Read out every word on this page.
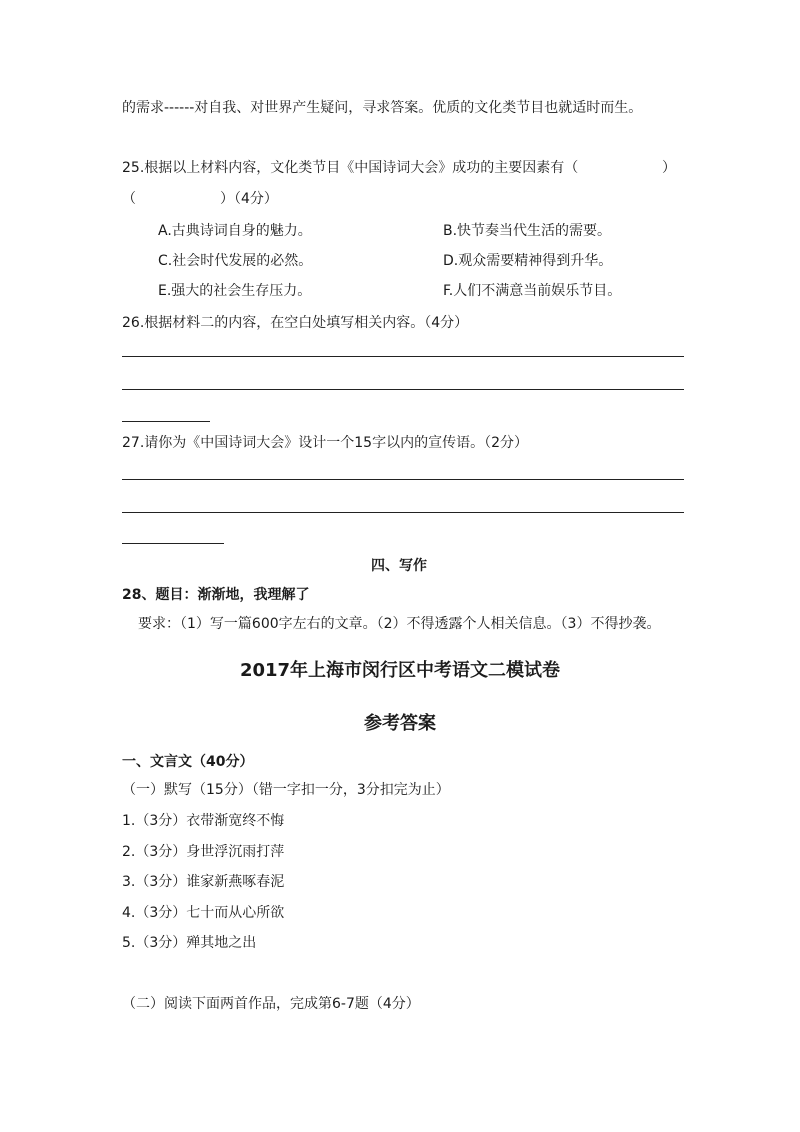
的需求------对自我、对世界产生疑问，寻求答案。优质的文化类节目也就适时而生。
25.根据以上材料内容，文化类节目《中国诗词大会》成功的主要因素有（	）
（　　　　　　）（4分）
A.古典诗词自身的魅力。	B.快节奏当代生活的需要。
C.社会时代发展的必然。	D.观众需要精神得到升华。
E.强大的社会生存压力。	F.人们不满意当前娱乐节目。
26.根据材料二的内容，在空白处填写相关内容。（4分）
27.请你为《中国诗词大会》设计一个15字以内的宣传语。（2分）
四、写作
28、题目：渐渐地，我理解了
要求：（1）写一篇600字左右的文章。（2）不得透露个人相关信息。（3）不得抄袭。
2017年上海市闵行区中考语文二模试卷
参考答案
一、文言文（40分）
（一）默写（15分）（错一字扣一分，3分扣完为止）
1.（3分）衣带渐宽终不悔
2.（3分）身世浮沉雨打萍
3.（3分）谁家新燕啄春泥
4.（3分）七十而从心所欲
5.（3分）殚其地之出
（二）阅读下面两首作品，完成第6-7题（4分）
